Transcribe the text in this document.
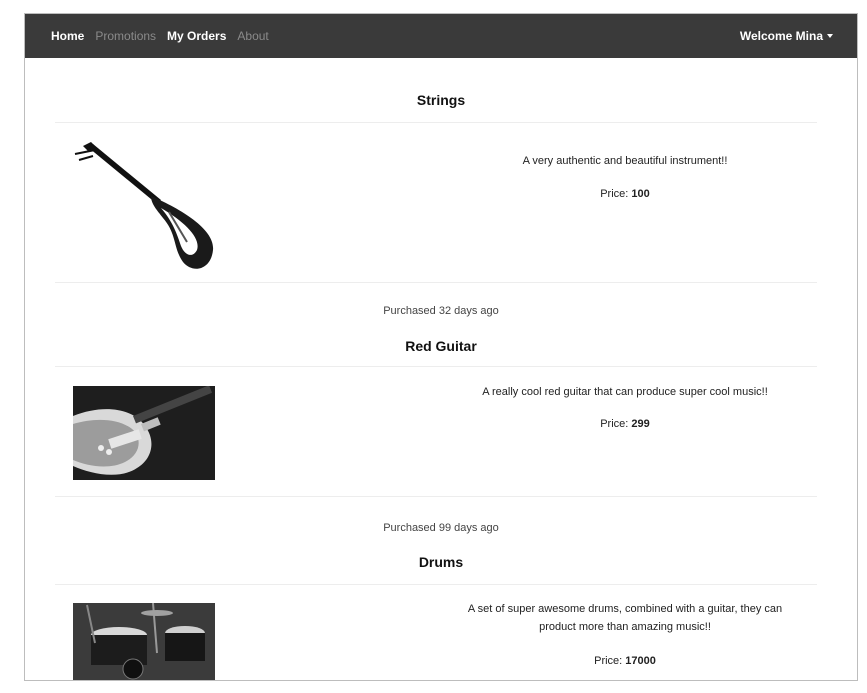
Home Promotions My Orders About	Welcome Mina
Strings
A very authentic and beautiful instrument!!
Price: 100
Purchased 32 days ago
Red Guitar
A really cool red guitar that can produce super cool music!!
Price: 299
Purchased 99 days ago
Drums
A set of super awesome drums, combined with a guitar, they can
product more than amazing music!!
Price: 17000
